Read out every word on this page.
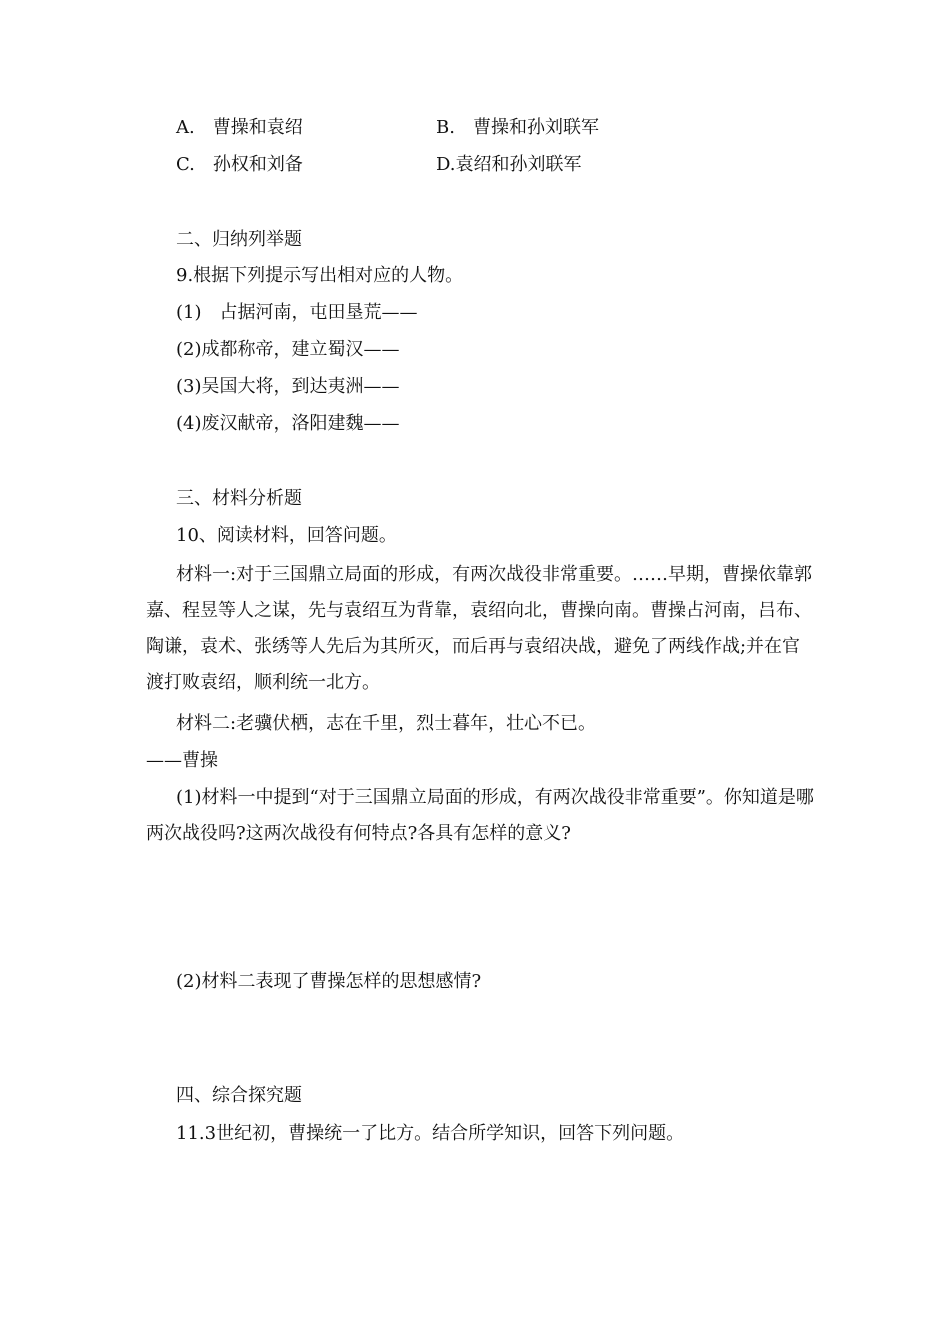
A.　曹操和袁绍	B.　曹操和孙刘联军
C.　孙权和刘备	D.袁绍和孙刘联军
二、归纳列举题
9.根据下列提示写出相对应的人物。
(1)　占据河南，屯田垦荒——
(2)成都称帝，建立蜀汉——
(3)吴国大将，到达夷洲——
(4)废汉献帝，洛阳建魏——
三、材料分析题
10、阅读材料，回答问题。
材料一:对于三国鼎立局面的形成，有两次战役非常重要。……早期，曹操依靠郭嘉、程昱等人之谋，先与袁绍互为背靠，袁绍向北，曹操向南。曹操占河南，吕布、陶谦，袁术、张绣等人先后为其所灭，而后再与袁绍决战，避免了两线作战;并在官渡打败袁绍，顺利统一北方。
材料二:老骥伏栖，志在千里，烈士暮年，壮心不已。
——曹操
(1)材料一中提到“对于三国鼎立局面的形成，有两次战役非常重要”。你知道是哪两次战役吗?这两次战役有何特点?各具有怎样的意义?
(2)材料二表现了曹操怎样的思想感情?
四、综合探究题
11.3世纪初，曹操统一了比方。结合所学知识，回答下列问题。
